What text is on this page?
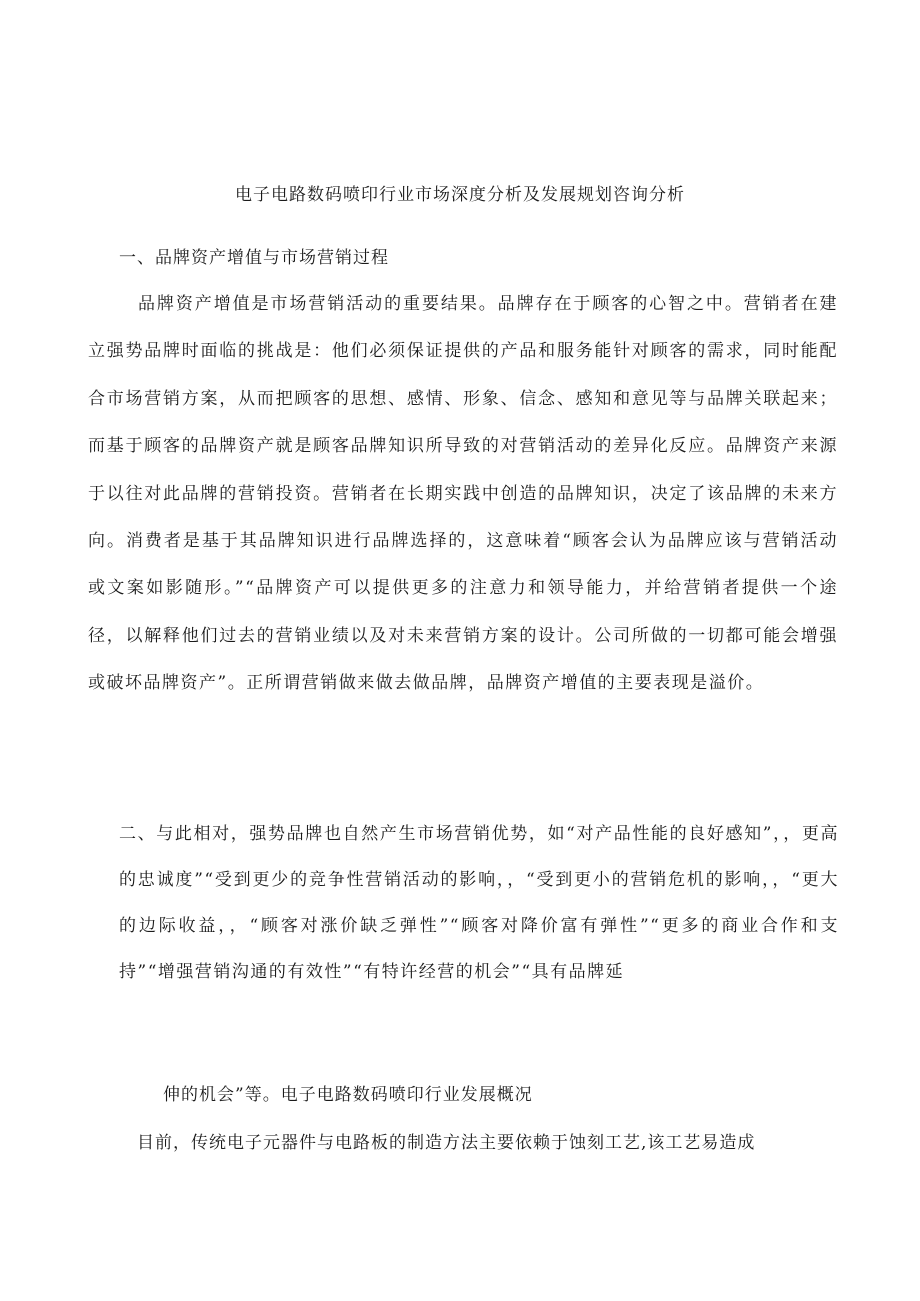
电子电路数码喷印行业市场深度分析及发展规划咨询分析
一、品牌资产增值与市场营销过程

品牌资产增值是市场营销活动的重要结果。品牌存在于顾客的心智之中。营销者在建立强势品牌时面临的挑战是：他们必须保证提供的产品和服务能针对顾客的需求，同时能配合市场营销方案，从而把顾客的思想、感情、形象、信念、感知和意见等与品牌关联起来；而基于顾客的品牌资产就是顾客品牌知识所导致的对营销活动的差异化反应。品牌资产来源于以往对此品牌的营销投资。营销者在长期实践中创造的品牌知识，决定了该品牌的未来方向。消费者是基于其品牌知识进行品牌选择的，这意味着“顾客会认为品牌应该与营销活动或文案如影随形。”“品牌资产可以提供更多的注意力和领导能力，并给营销者提供一个途径，以解释他们过去的营销业绩以及对未来营销方案的设计。公司所做的一切都可能会增强或破坏品牌资产”。正所谓营销做来做去做品牌，品牌资产增值的主要表现是溢价。

二、与此相对，强势品牌也自然产生市场营销优势，如“对产品性能的良好感知”，，更高的忠诚度”“受到更少的竞争性营销活动的影响，，“受到更小的营销危机的影响，，“更大的边际收益，，“顾客对涨价缺乏弹性”“顾客对降价富有弹性”“更多的商业合作和支持”“增强营销沟通的有效性”“有特许经营的机会”“具有品牌延

伸的机会”等。电子电路数码喷印行业发展概况
目前，传统电子元器件与电路板的制造方法主要依赖于蚀刻工艺,该工艺易造成
